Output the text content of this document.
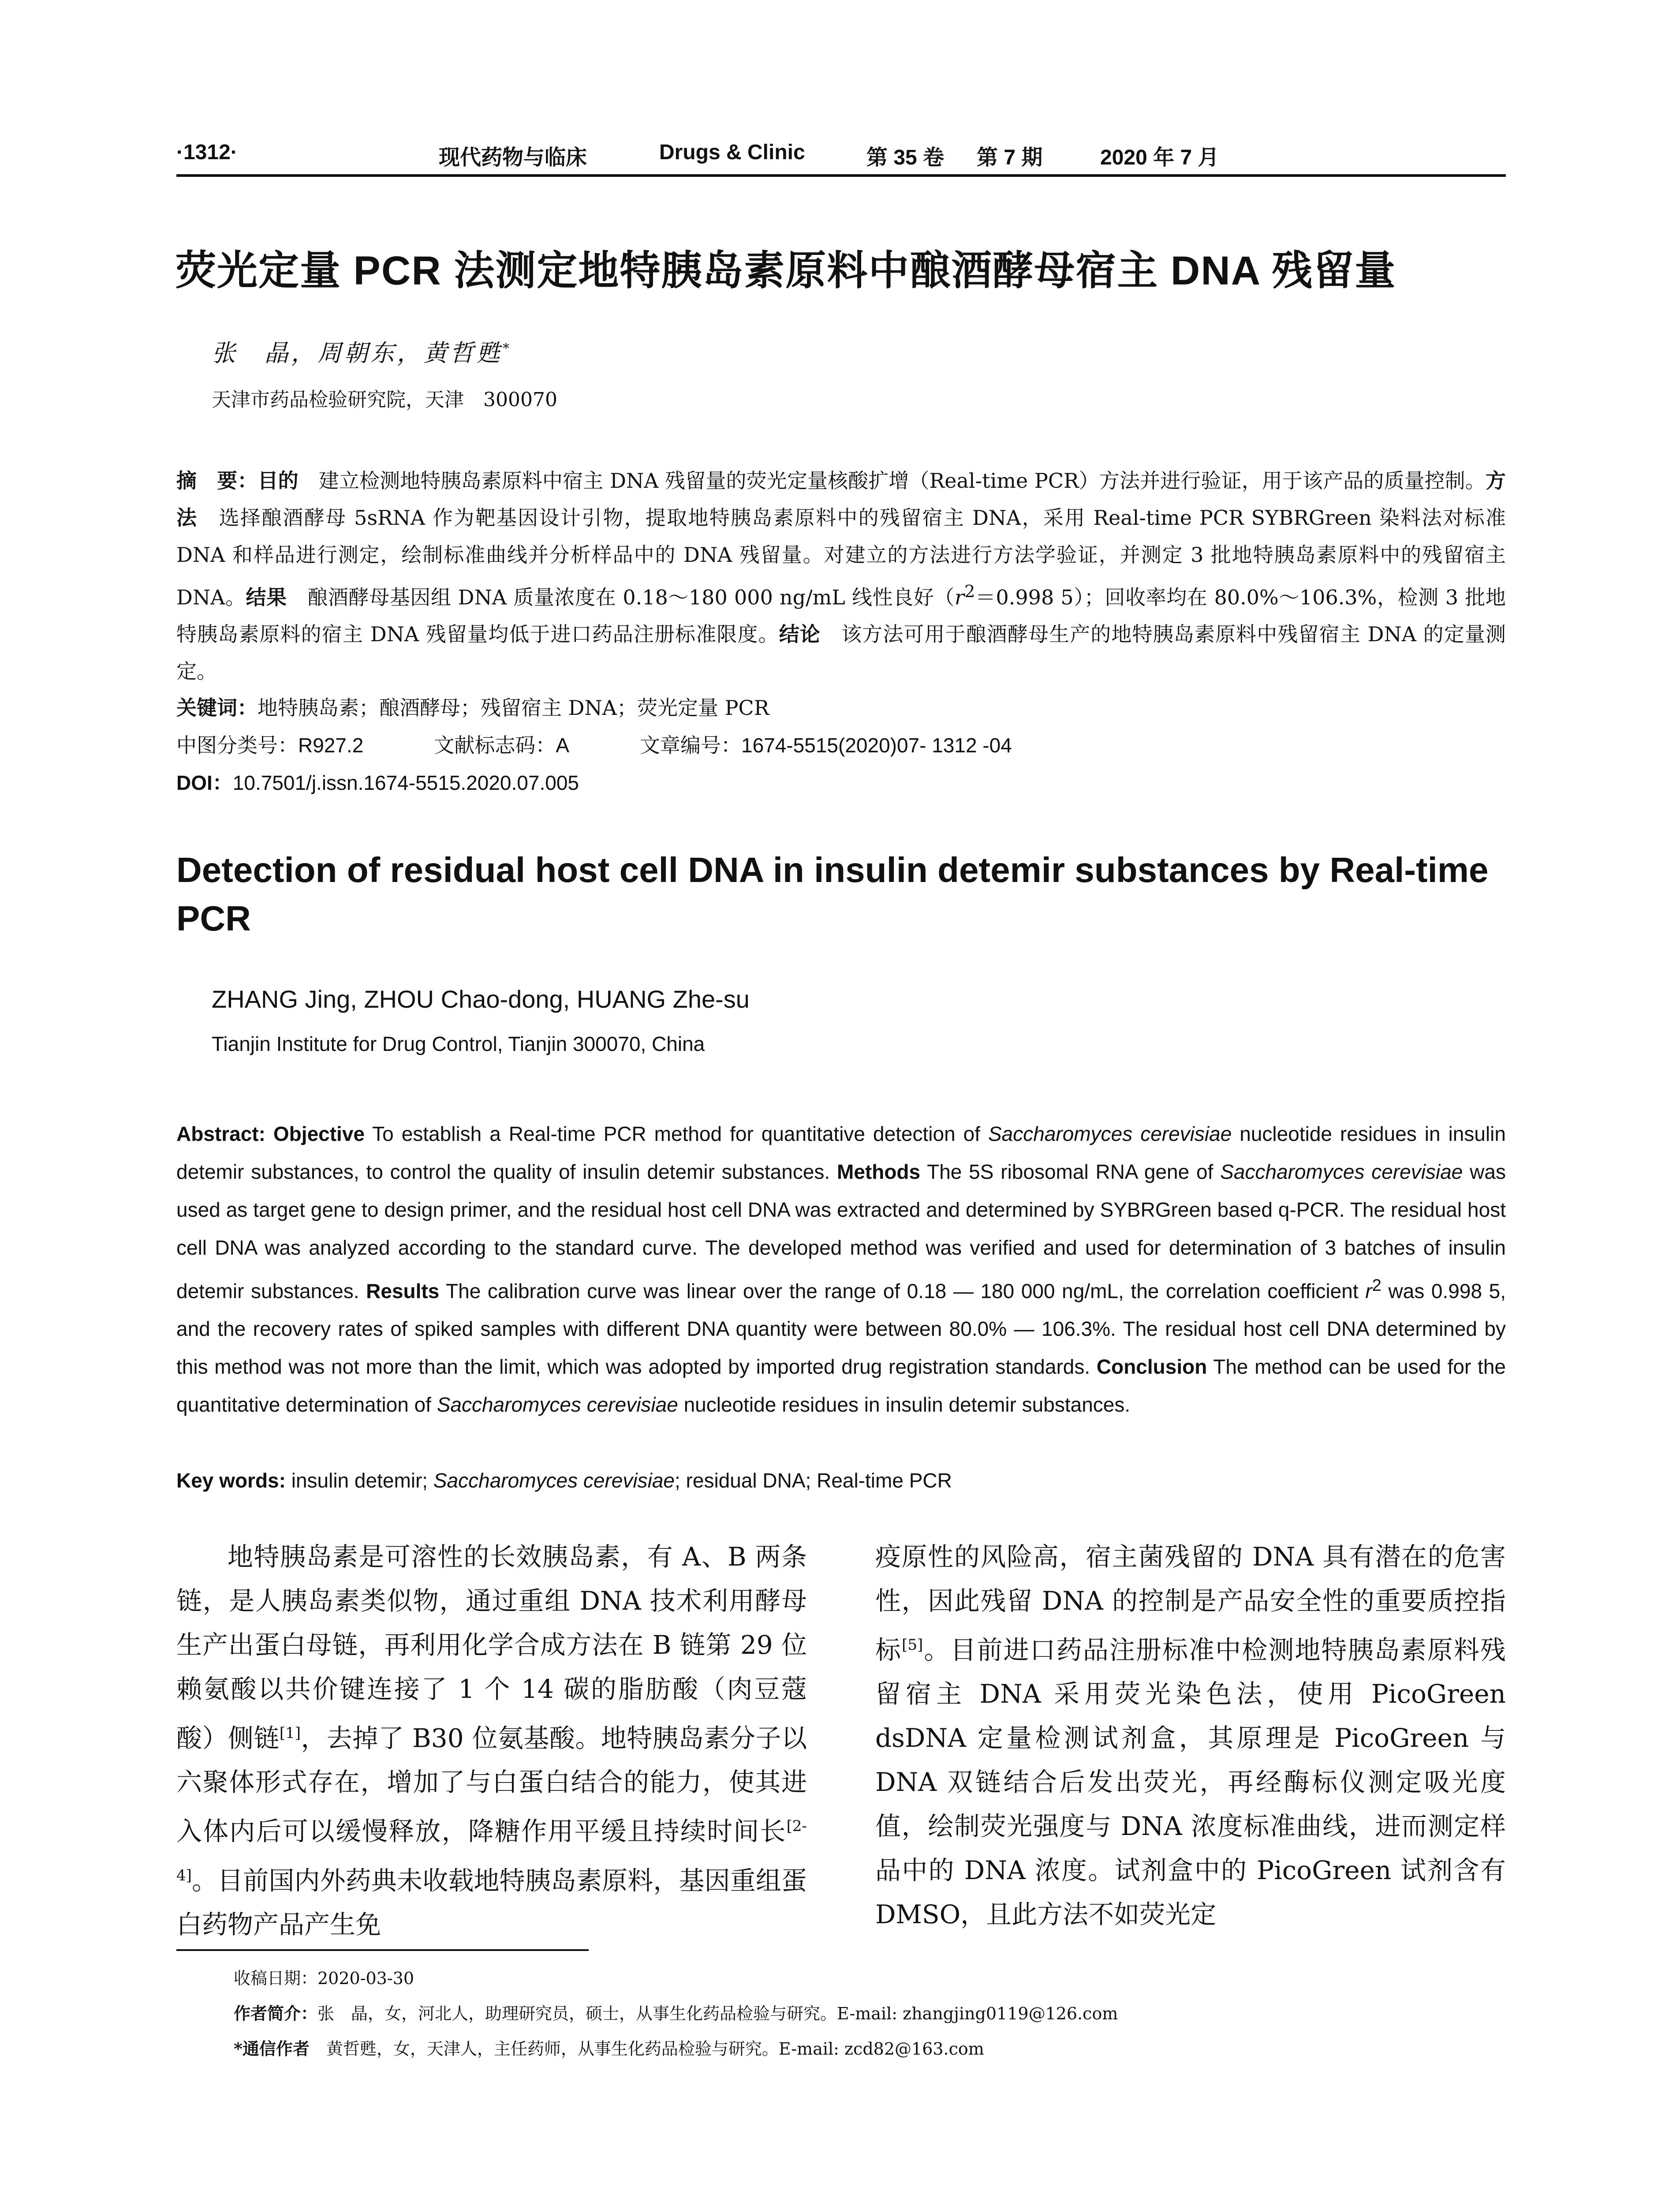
·1312·	现代药物与临床	Drugs & Clinic	第 35 卷 第 7 期	2020 年 7 月
荧光定量 PCR 法测定地特胰岛素原料中酿酒酵母宿主 DNA 残留量
张　晶，周朝东，黄哲甦*
天津市药品检验研究院，天津　300070
摘　要：目的　建立检测地特胰岛素原料中宿主 DNA 残留量的荧光定量核酸扩增（Real-time PCR）方法并进行验证，用于该产品的质量控制。方法　选择酿酒酵母 5sRNA 作为靶基因设计引物，提取地特胰岛素原料中的残留宿主 DNA，采用 Real-time PCR SYBRGreen 染料法对标准 DNA 和样品进行测定，绘制标准曲线并分析样品中的 DNA 残留量。对建立的方法进行方法学验证，并测定 3 批地特胰岛素原料中的残留宿主 DNA。结果　酿酒酵母基因组 DNA 质量浓度在 0.18～180 000 ng/mL 线性良好（$r^2=0.998$ 5）；回收率均在 80.0%～106.3%，检测 3 批地特胰岛素原料的宿主 DNA 残留量均低于进口药品注册标准限度。结论　该方法可用于酿酒酵母生产的地特胰岛素原料中残留宿主 DNA 的定量测定。
关键词：地特胰岛素；酿酒酵母；残留宿主 DNA；荧光定量 PCR
中图分类号：R927.2	文献标志码：A	文章编号：1674-5515(2020)07- 1312 -04
DOI：10.7501/j.issn.1674-5515.2020.07.005
Detection of residual host cell DNA in insulin detemir substances by Real-time PCR
ZHANG Jing, ZHOU Chao-dong, HUANG Zhe-su
Tianjin Institute for Drug Control, Tianjin 300070, China
Abstract: Objective To establish a Real-time PCR method for quantitative detection of Saccharomyces cerevisiae nucleotide residues in insulin detemir substances, to control the quality of insulin detemir substances. Methods The 5S ribosomal RNA gene of Saccharomyces cerevisiae was used as target gene to design primer, and the residual host cell DNA was extracted and determined by SYBRGreen based q-PCR. The residual host cell DNA was analyzed according to the standard curve. The developed method was verified and used for determination of 3 batches of insulin detemir substances. Results The calibration curve was linear over the range of 0.18 — 180 000 ng/mL, the correlation coefficient $r^2$ was 0.998 5, and the recovery rates of spiked samples with different DNA quantity were between 80.0% — 106.3%. The residual host cell DNA determined by this method was not more than the limit, which was adopted by imported drug registration standards. Conclusion The method can be used for the quantitative determination of Saccharomyces cerevisiae nucleotide residues in insulin detemir substances.
Key words: insulin detemir; Saccharomyces cerevisiae; residual DNA; Real-time PCR
地特胰岛素是可溶性的长效胰岛素，有 A、B 两条链，是人胰岛素类似物，通过重组 DNA 技术利用酵母生产出蛋白母链，再利用化学合成方法在 B 链第 29 位赖氨酸以共价键连接了 1 个 14 碳的脂肪酸（肉豆蔻酸）侧链[1]，去掉了 B30 位氨基酸。地特胰岛素分子以六聚体形式存在，增加了与白蛋白结合的能力，使其进入体内后可以缓慢释放，降糖作用平缓且持续时间长[2-4]。目前国内外药典未收载地特胰岛素原料，基因重组蛋白药物产品产生免
疫原性的风险高，宿主菌残留的 DNA 具有潜在的危害性，因此残留 DNA 的控制是产品安全性的重要质控指标[5]。目前进口药品注册标准中检测地特胰岛素原料残留宿主 DNA 采用荧光染色法，使用 PicoGreen dsDNA 定量检测试剂盒，其原理是 PicoGreen 与 DNA 双链结合后发出荧光，再经酶标仪测定吸光度值，绘制荧光强度与 DNA 浓度标准曲线，进而测定样品中的 DNA 浓度。试剂盒中的 PicoGreen 试剂含有 DMSO，且此方法不如荧光定
收稿日期：2020-03-30
作者简介：张　晶，女，河北人，助理研究员，硕士，从事生化药品检验与研究。E-mail: zhangjing0119@126.com
*通信作者　黄哲甦，女，天津人，主任药师，从事生化药品检验与研究。E-mail: zcd82@163.com
